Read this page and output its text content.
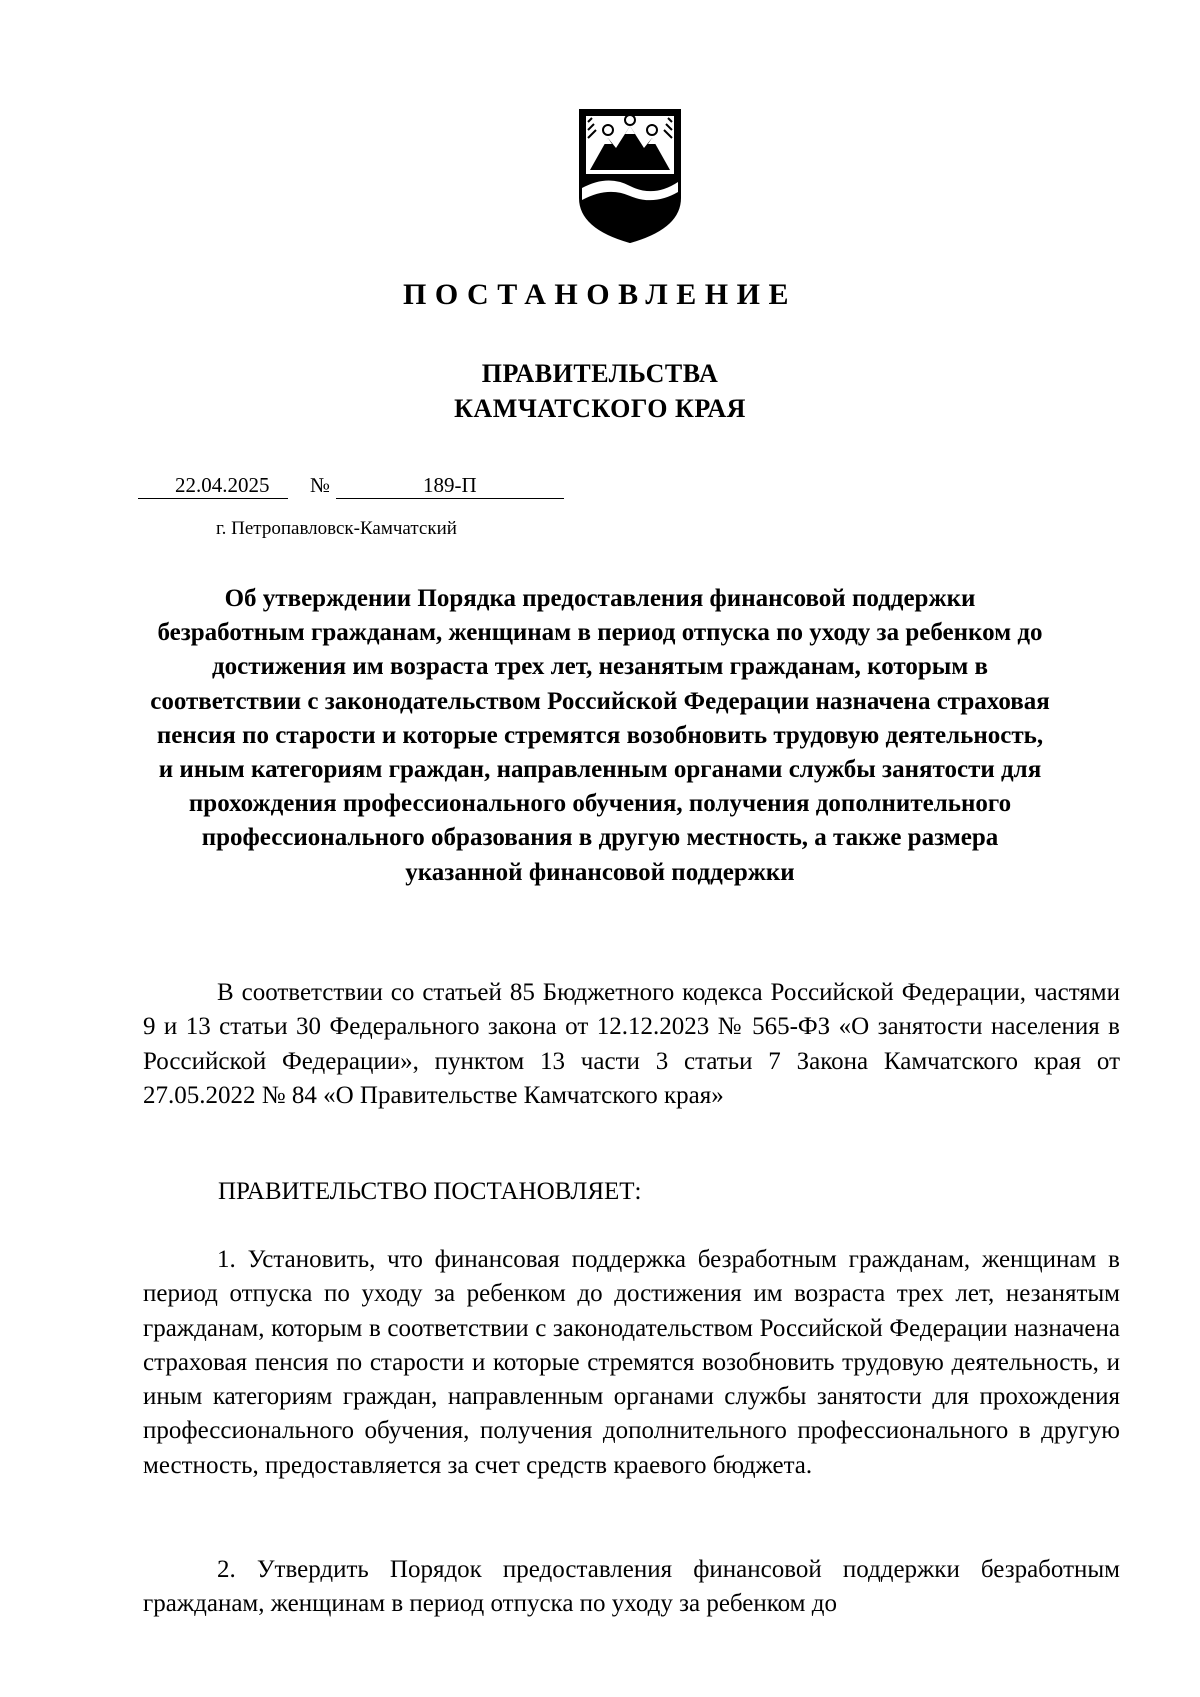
ПОСТАНОВЛЕНИЕ
ПРАВИТЕЛЬСТВА
КАМЧАТСКОГО КРАЯ
22.04.2025 №	189-П
г. Петропавловск-Камчатский

Об утверждении Порядка предоставления финансовой поддержки безработным гражданам, женщинам в период отпуска по уходу за ребенком до достижения им возраста трех лет, незанятым гражданам, которым в соответствии с законодательством Российской Федерации назначена страховая пенсия по старости и которые стремятся возобновить трудовую деятельность, и иным категориям граждан, направленным органами службы занятости для прохождения профессионального обучения, получения дополнительного профессионального образования в другую местность, а также размера указанной финансовой поддержки

В соответствии со статьей 85 Бюджетного кодекса Российской Федерации, частями 9 и 13 статьи 30 Федерального закона от 12.12.2023 № 565-ФЗ «О занятости населения в Российской Федерации», пунктом 13 части 3 статьи 7 Закона Камчатского края от 27.05.2022 № 84 «О Правительстве Камчатского края»

ПРАВИТЕЛЬСТВО ПОСТАНОВЛЯЕТ:

1. Установить, что финансовая поддержка безработным гражданам, женщинам в период отпуска по уходу за ребенком до достижения им возраста трех лет, незанятым гражданам, которым в соответствии с законодательством Российской Федерации назначена страховая пенсия по старости и которые стремятся возобновить трудовую деятельность, и иным категориям граждан, направленным органами службы занятости для прохождения профессионального обучения, получения дополнительного профессионального в другую местность, предоставляется за счет средств краевого бюджета.

2. Утвердить Порядок предоставления финансовой поддержки безработным гражданам, женщинам в период отпуска по уходу за ребенком до
